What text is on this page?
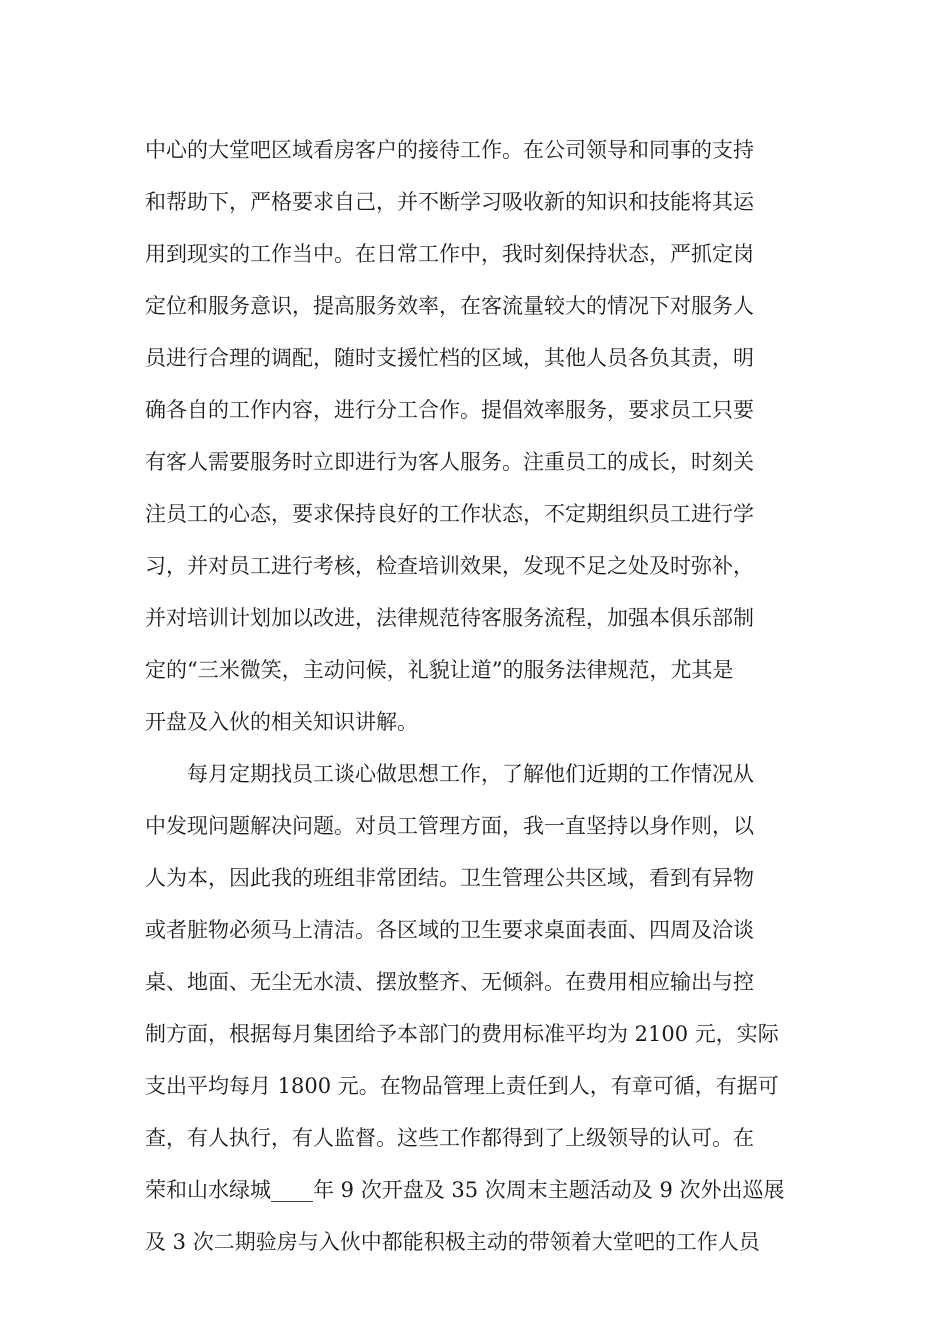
中心的大堂吧区域看房客户的接待工作。在公司领导和同事的支持
和帮助下，严格要求自己，并不断学习吸收新的知识和技能将其运
用到现实的工作当中。在日常工作中，我时刻保持状态，严抓定岗
定位和服务意识，提高服务效率，在客流量较大的情况下对服务人
员进行合理的调配，随时支援忙档的区域，其他人员各负其责，明
确各自的工作内容，进行分工合作。提倡效率服务，要求员工只要
有客人需要服务时立即进行为客人服务。注重员工的成长，时刻关
注员工的心态，要求保持良好的工作状态，不定期组织员工进行学
习，并对员工进行考核，检查培训效果，发现不足之处及时弥补，
并对培训计划加以改进，法律规范待客服务流程，加强本俱乐部制
定的“三米微笑，主动问候，礼貌让道”的服务法律规范，尤其是
开盘及入伙的相关知识讲解。
每月定期找员工谈心做思想工作，了解他们近期的工作情况从
中发现问题解决问题。对员工管理方面，我一直坚持以身作则，以
人为本，因此我的班组非常团结。卫生管理公共区域，看到有异物
或者脏物必须马上清洁。各区域的卫生要求桌面表面、四周及洽谈
桌、地面、无尘无水渍、摆放整齐、无倾斜。在费用相应输出与控
制方面，根据每月集团给予本部门的费用标准平均为 2100 元，实际
支出平均每月 1800 元。在物品管理上责任到人，有章可循，有据可
查，有人执行，有人监督。这些工作都得到了上级领导的认可。在
荣和山水绿城____年 9 次开盘及 35 次周末主题活动及 9 次外出巡展
及 3 次二期验房与入伙中都能积极主动的带领着大堂吧的工作人员
